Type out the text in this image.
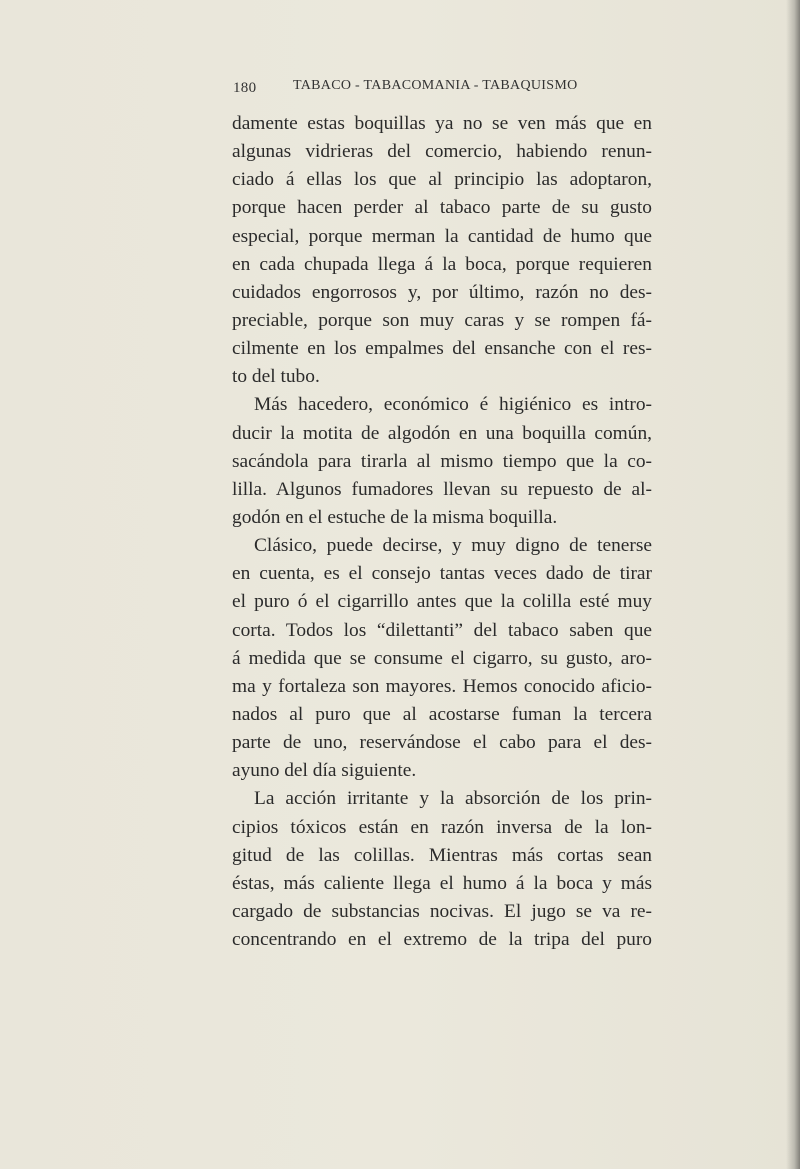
180	TABACO - TABACOMANIA - TABAQUISMO
damente estas boquillas ya no se ven más que en
algunas vidrieras del comercio, habiendo renun-
ciado á ellas los que al principio las adoptaron,
porque hacen perder al tabaco parte de su gusto
especial, porque merman la cantidad de humo que
en cada chupada llega á la boca, porque requieren
cuidados engorrosos y, por último, razón no des-
preciable, porque son muy caras y se rompen fá-
cilmente en los empalmes del ensanche con el res-
to del tubo.
Más hacedero, económico é higiénico es intro-
ducir la motita de algodón en una boquilla común,
sacándola para tirarla al mismo tiempo que la co-
lilla. Algunos fumadores llevan su repuesto de al-
godón en el estuche de la misma boquilla.
Clásico, puede decirse, y muy digno de tenerse
en cuenta, es el consejo tantas veces dado de tirar
el puro ó el cigarrillo antes que la colilla esté muy
corta. Todos los “dilettanti” del tabaco saben que
á medida que se consume el cigarro, su gusto, aro-
ma y fortaleza son mayores. Hemos conocido aficio-
nados al puro que al acostarse fuman la tercera
parte de uno, reservándose el cabo para el des-
ayuno del día siguiente.
La acción irritante y la absorción de los prin-
cipios tóxicos están en razón inversa de la lon-
gitud de las colillas. Mientras más cortas sean
éstas, más caliente llega el humo á la boca y más
cargado de substancias nocivas. El jugo se va re-
concentrando en el extremo de la tripa del puro
